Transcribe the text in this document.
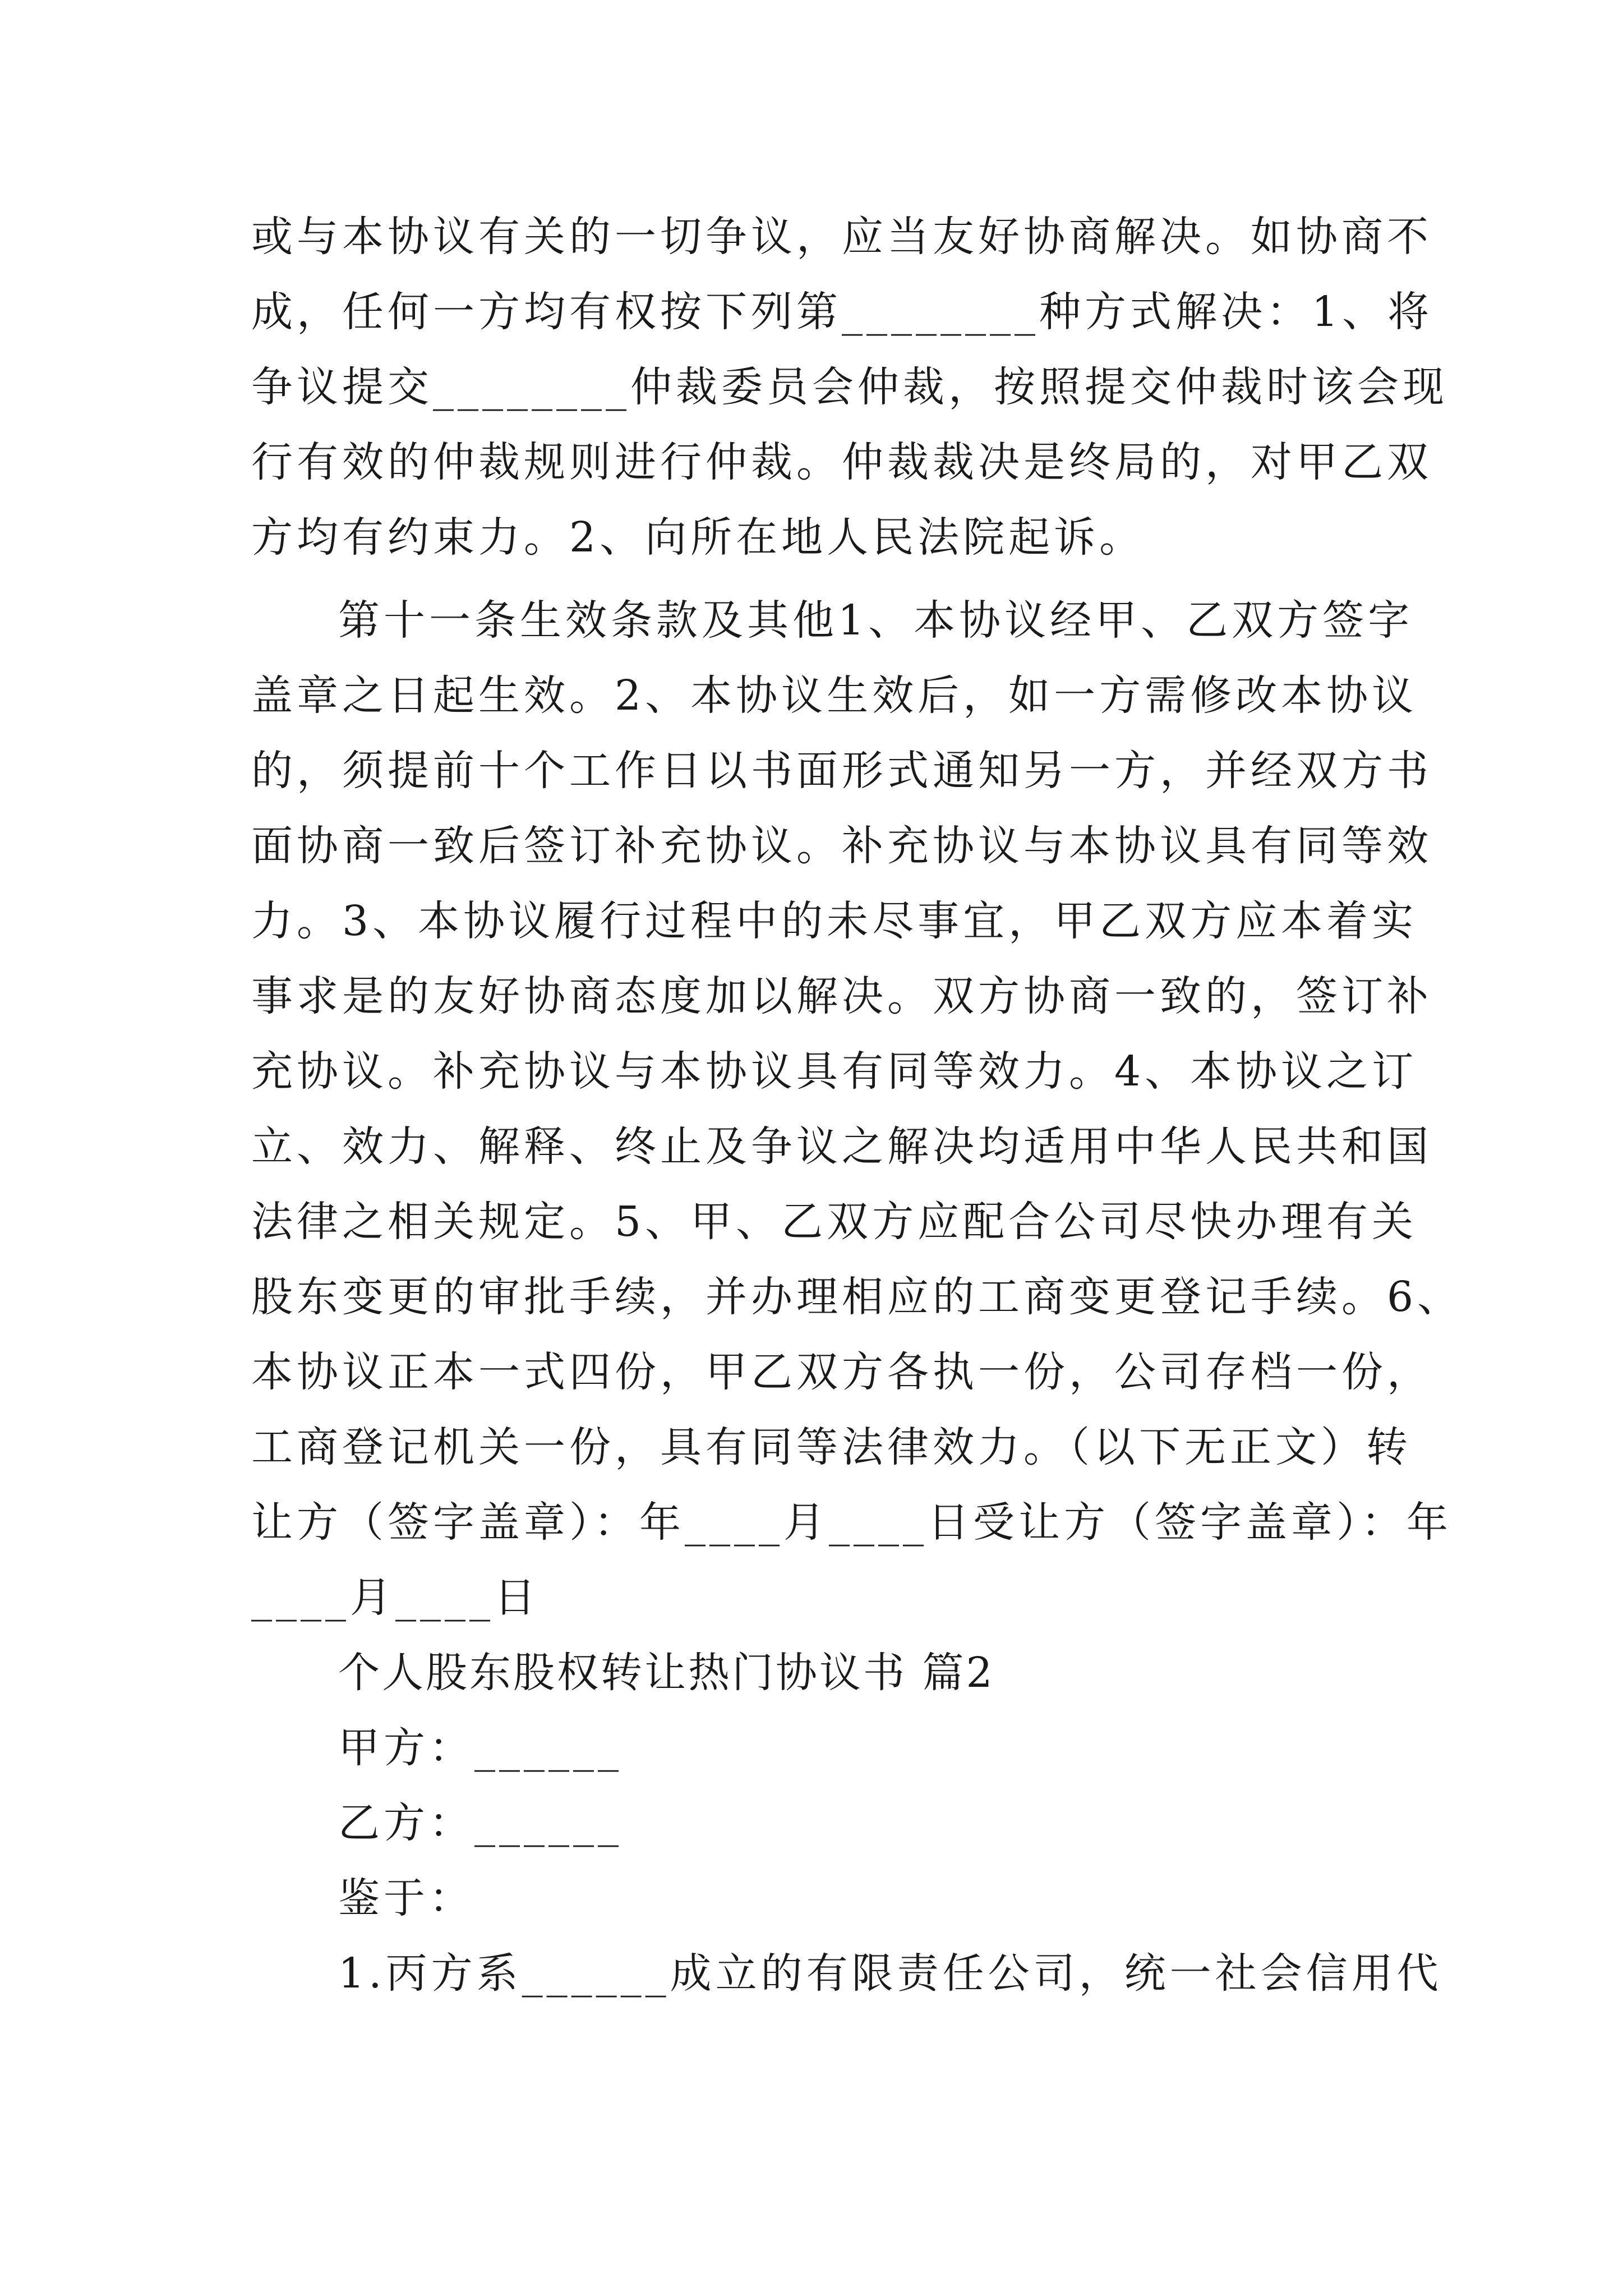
或与本协议有关的一切争议，应当友好协商解决。如协商不
成，任何一方均有权按下列第________种方式解决：1、将
争议提交________仲裁委员会仲裁，按照提交仲裁时该会现
行有效的仲裁规则进行仲裁。仲裁裁决是终局的，对甲乙双
方均有约束力。2、向所在地人民法院起诉。
第十一条生效条款及其他1、本协议经甲、乙双方签字
盖章之日起生效。2、本协议生效后，如一方需修改本协议
的，须提前十个工作日以书面形式通知另一方，并经双方书
面协商一致后签订补充协议。补充协议与本协议具有同等效
力。3、本协议履行过程中的未尽事宜，甲乙双方应本着实
事求是的友好协商态度加以解决。双方协商一致的，签订补
充协议。补充协议与本协议具有同等效力。4、本协议之订
立、效力、解释、终止及争议之解决均适用中华人民共和国
法律之相关规定。5、甲、乙双方应配合公司尽快办理有关
股东变更的审批手续，并办理相应的工商变更登记手续。6、
本协议正本一式四份，甲乙双方各执一份，公司存档一份，
工商登记机关一份，具有同等法律效力。（以下无正文）转
让方（签字盖章）：年____月____日受让方（签字盖章）：年
____月____日
个人股东股权转让热门协议书 篇2
甲方：______
乙方：______
鉴于：
1.丙方系______成立的有限责任公司，统一社会信用代
